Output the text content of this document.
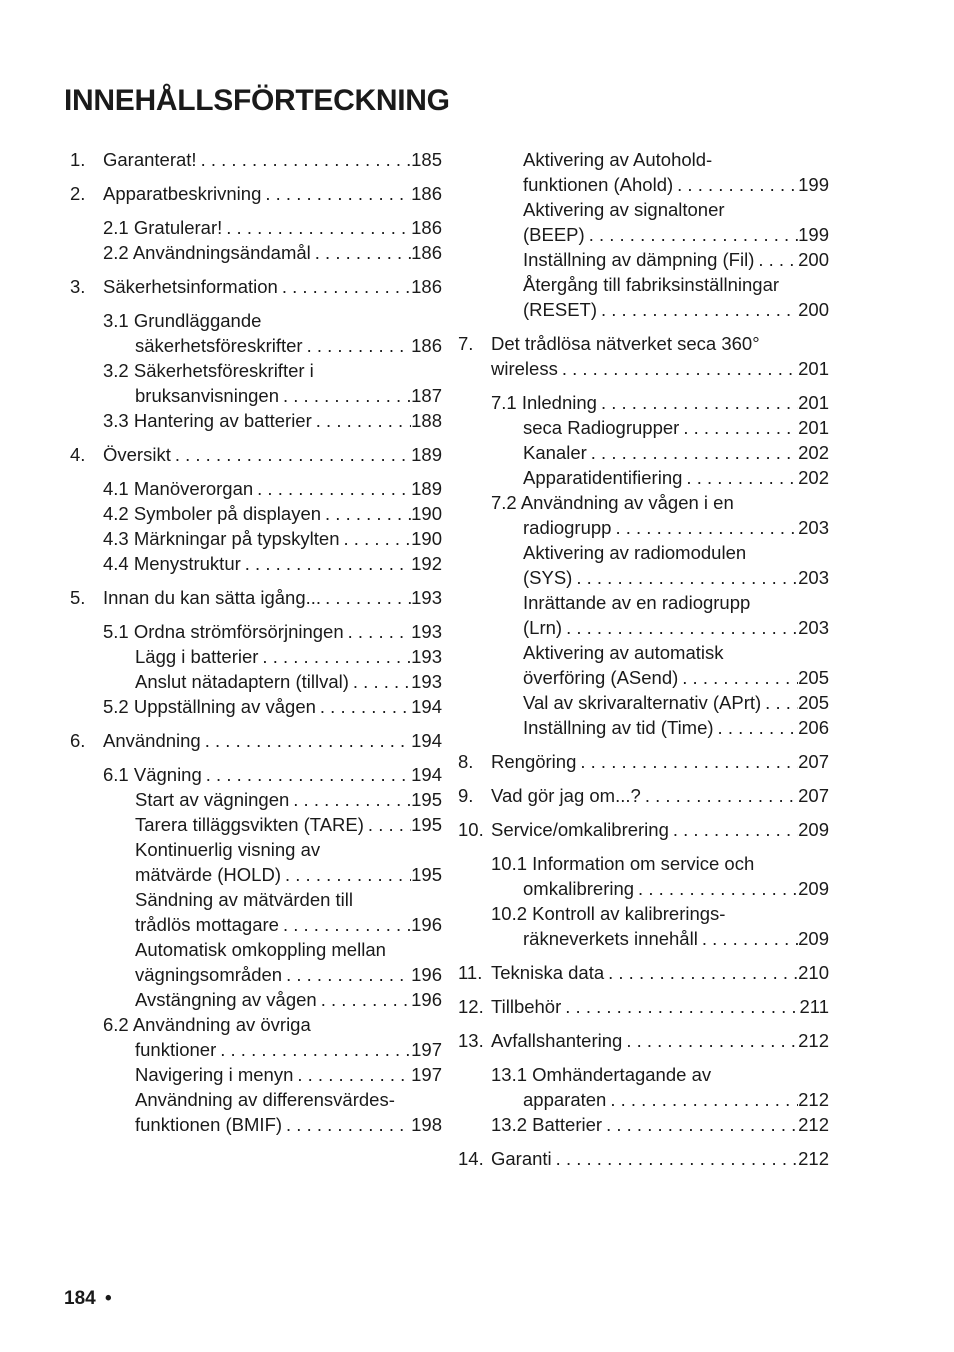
INNEHÅLLSFÖRTECKNING
1. Garanterat! . . .	185
2. Apparatbeskrivning . . .	186
2.1 Gratulerar! . . .	186
2.2 Användningsändamål . . .	186
3. Säkerhetsinformation . . .	186
3.1 Grundläggande
säkerhetsföreskrifter . . .	186
3.2 Säkerhetsföreskrifter i
bruksanvisningen . . .	187
3.3 Hantering av batterier . . .	188
4. Översikt . . .	189
4.1 Manöverorgan . . .	189
4.2 Symboler på displayen . . .	190
4.3 Märkningar på typskylten . . .	190
4.4 Menystruktur . . .	192
5. Innan du kan sätta igång... . . .	193
5.1 Ordna strömförsörjningen . . .	193
Lägg i batterier . . .	193
Anslut nätadaptern (tillval) . . .	193
5.2 Uppställning av vågen . . .	194
6. Användning . . .	194
6.1 Vägning . . .	194
Start av vägningen . . .	195
Tarera tilläggsvikten (TARE) . . .	195
Kontinuerlig visning av
mätvärde (HOLD) . . .	195
Sändning av mätvärden till
trådlös mottagare . . .	196
Automatisk omkoppling mellan
vägningsområden . . .	196
Avstängning av vågen . . .	196
6.2 Användning av övriga
funktioner . . .	197
Navigering i menyn . . .	197
Användning av differensvärdes-
funktionen (BMIF) . . .	198
Aktivering av Autohold-
funktionen (Ahold) . . .	199
Aktivering av signaltoner
(BEEP) . . .	199
Inställning av dämpning (Fil) . . . 200
Återgång till fabriksinställningar
(RESET) . . .	200
7. Det trådlösa nätverket seca 360°
wireless . . .	201
7.1 Inledning . . .	201
seca Radiogrupper . . .	201
Kanaler . . .	202
Apparatidentifiering . . .	202
7.2 Användning av vågen i en
radiogrupp . . .	203
Aktivering av radiomodulen
(SYS) . . .	203
Inrättande av en radiogrupp
(Lrn) . . .	203
Aktivering av automatisk
överföring (ASend) . . .	205
Val av skrivaralternativ (APrt) . . . 205
Inställning av tid (Time) . . .	206
8. Rengöring . . .	207
9. Vad gör jag om...? . . .	207
10. Service/omkalibrering . . .	209
10.1 Information om service och
omkalibrering . . .	209
10.2 Kontroll av kalibrerings-
räkneverkets innehåll . . .	209
11. Tekniska data . . .	210
12. Tillbehör . . .	211
13. Avfallshantering . . .	212
13.1 Omhändertagande av
apparaten . . .	212
13.2 Batterier . . .	212
14. Garanti . . .	212
184 •
